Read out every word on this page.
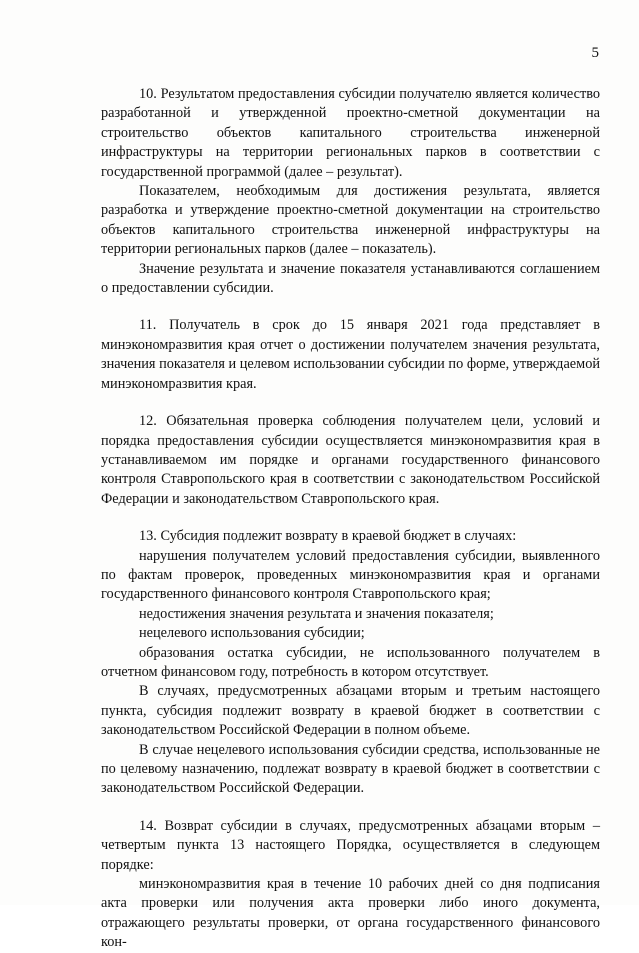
5

10. Результатом предоставления субсидии получателю является количество разработанной и утвержденной проектно-сметной документации на строительство объектов капитального строительства инженерной инфраструктуры на территории региональных парков в соответствии с государственной программой (далее – результат).

Показателем, необходимым для достижения результата, является разработка и утверждение проектно-сметной документации на строительство объектов капитального строительства инженерной инфраструктуры на территории региональных парков (далее – показатель).

Значение результата и значение показателя устанавливаются соглашением о предоставлении субсидии.

11. Получатель в срок до 15 января 2021 года представляет в минэкономразвития края отчет о достижении получателем значения результата, значения показателя и целевом использовании субсидии по форме, утверждаемой минэкономразвития края.

12. Обязательная проверка соблюдения получателем цели, условий и порядка предоставления субсидии осуществляется минэкономразвития края в устанавливаемом им порядке и органами государственного финансового контроля Ставропольского края в соответствии с законодательством Российской Федерации и законодательством Ставропольского края.

13. Субсидия подлежит возврату в краевой бюджет в случаях:

нарушения получателем условий предоставления субсидии, выявленного по фактам проверок, проведенных минэкономразвития края и органами государственного финансового контроля Ставропольского края;

недостижения значения результата и значения показателя;

нецелевого использования субсидии;

образования остатка субсидии, не использованного получателем в отчетном финансовом году, потребность в котором отсутствует.

В случаях, предусмотренных абзацами вторым и третьим настоящего пункта, субсидия подлежит возврату в краевой бюджет в соответствии с законодательством Российской Федерации в полном объеме.

В случае нецелевого использования субсидии средства, использованные не по целевому назначению, подлежат возврату в краевой бюджет в соответствии с законодательством Российской Федерации.

14. Возврат субсидии в случаях, предусмотренных абзацами вторым – четвертым пункта 13 настоящего Порядка, осуществляется в следующем порядке:

минэкономразвития края в течение 10 рабочих дней со дня подписания акта проверки или получения акта проверки либо иного документа, отражающего результаты проверки, от органа государственного финансового кон-
